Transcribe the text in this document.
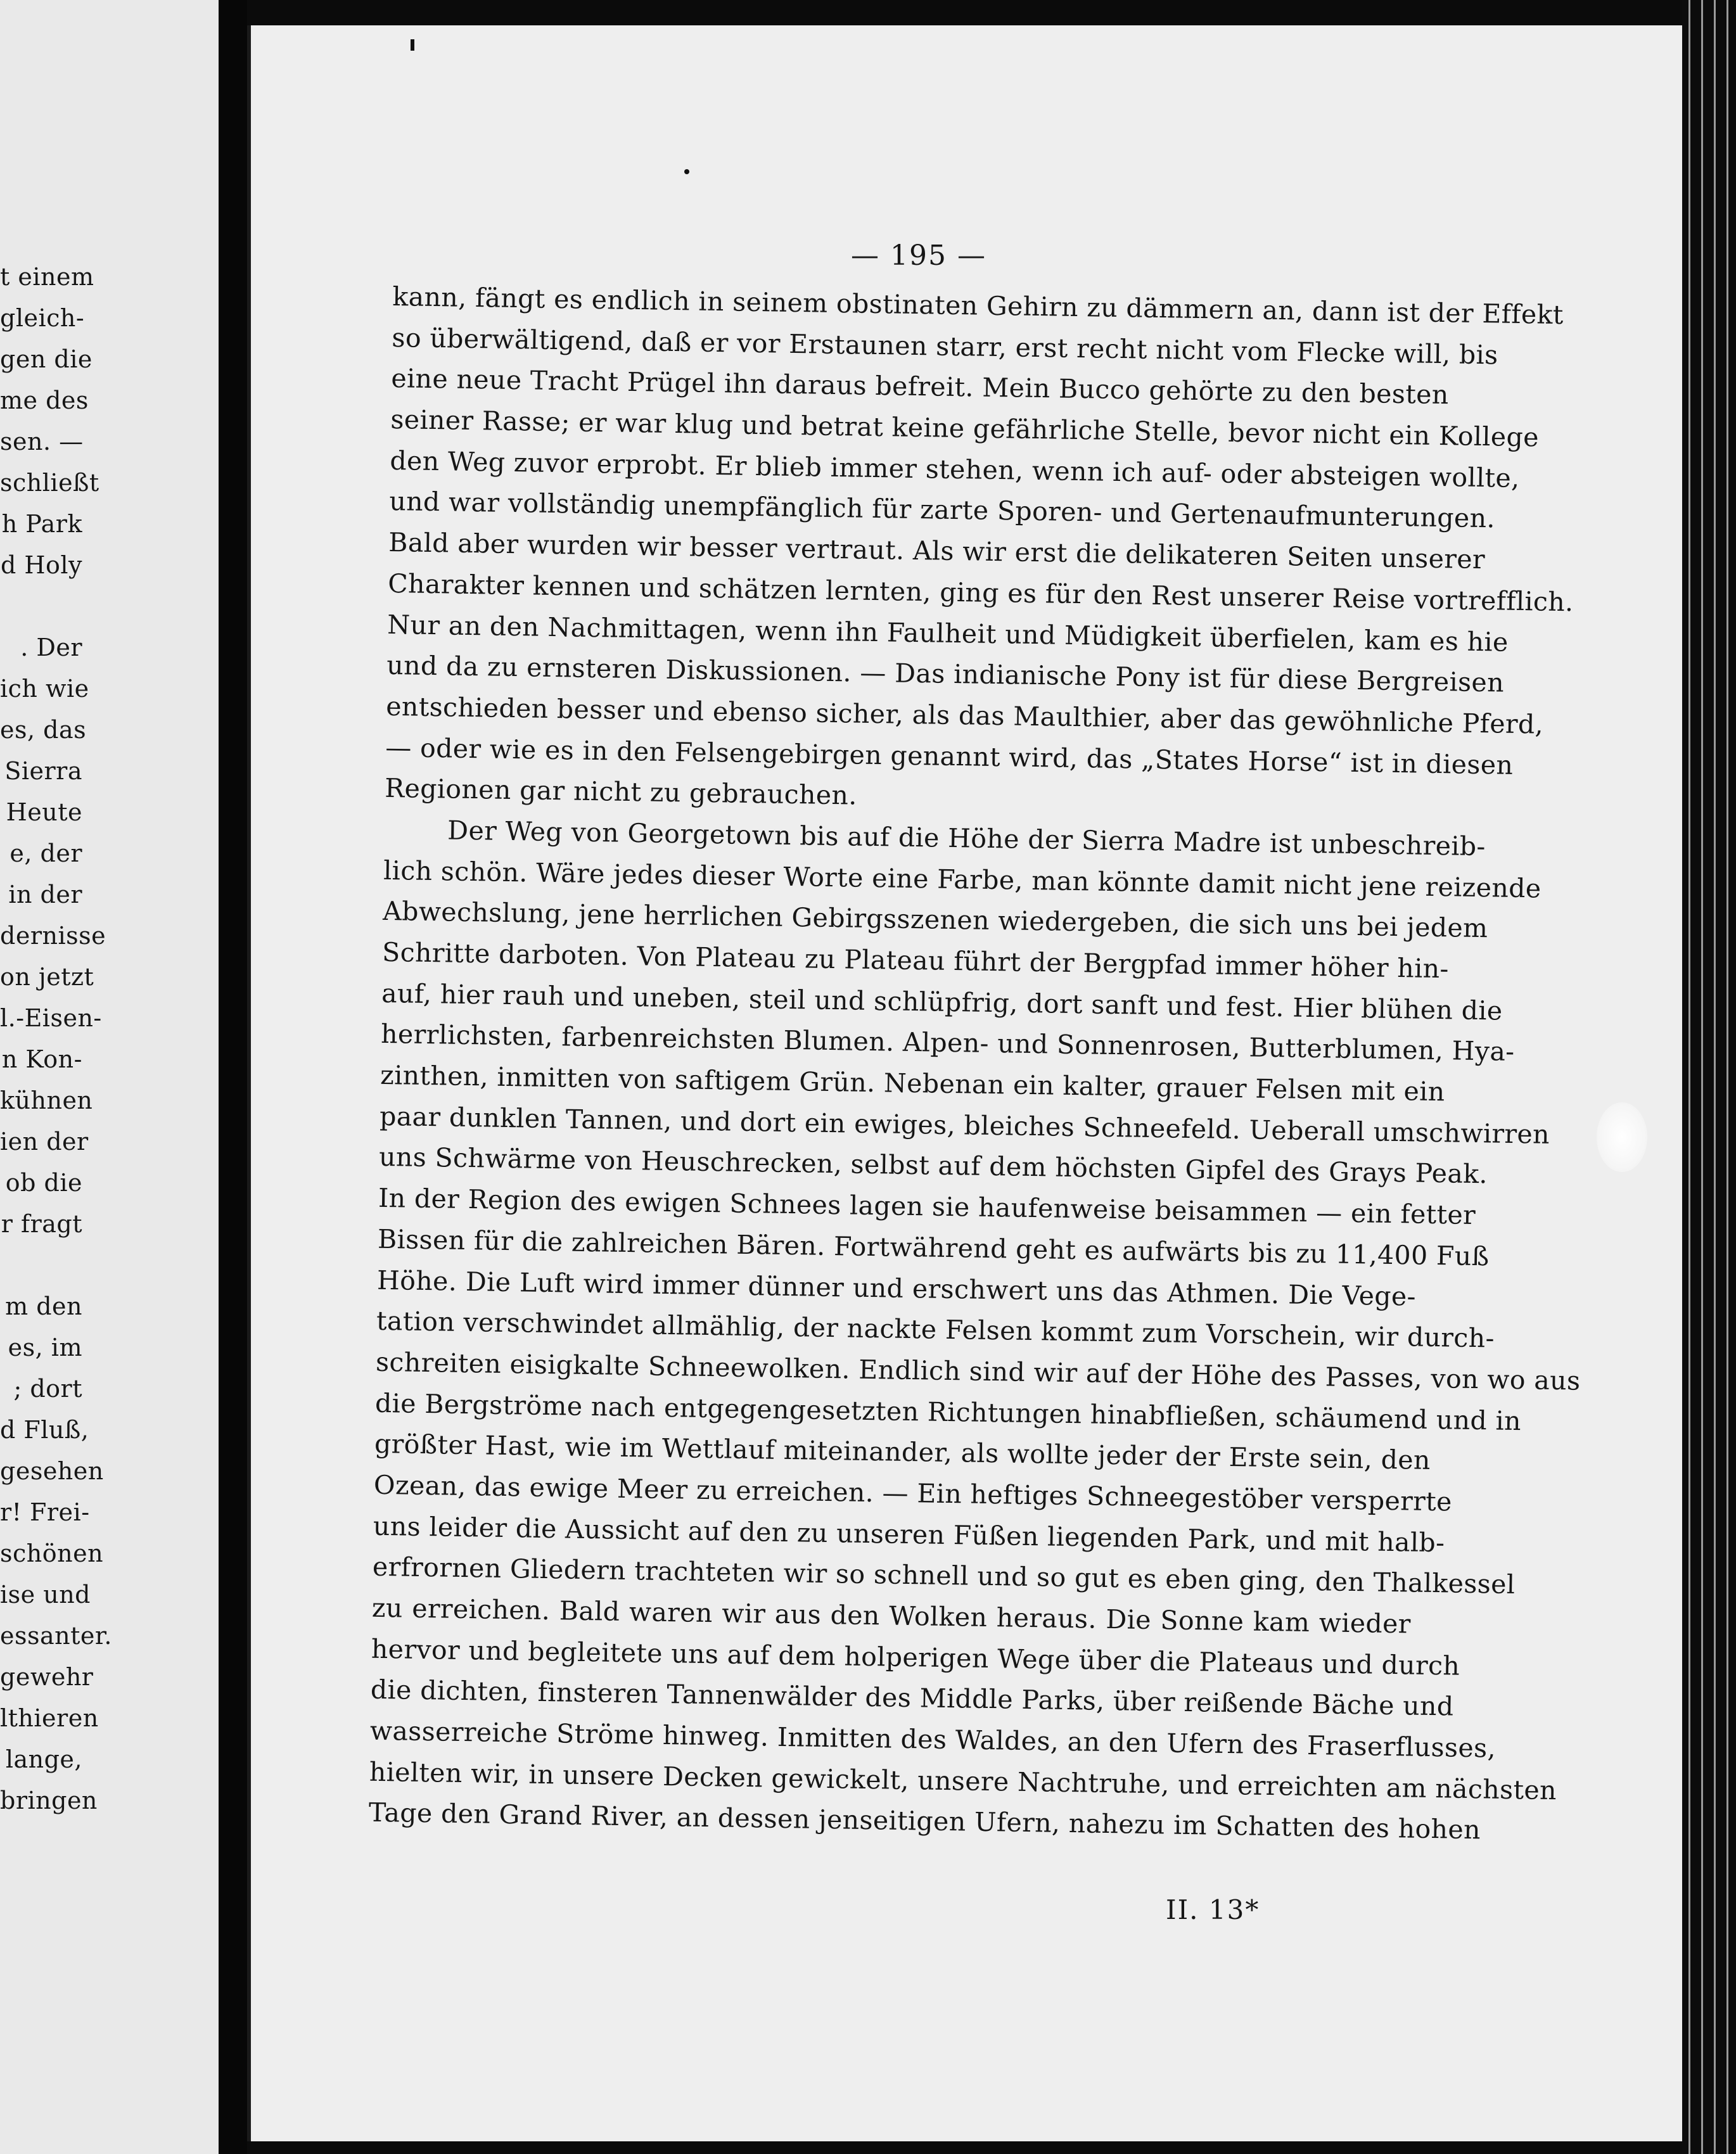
t einem
gleich-
gen die
me des
sen. —
schließt
h Park
d Holy
. Der
ich wie
es, das
Sierra
Heute
e, der
in der
dernisse
on jetzt
l.-Eisen-
n Kon-
kühnen
ien der
ob die
r fragt
m den
es, im
; dort
d Fluß,
gesehen
r! Frei-
schönen
ise und
essanter.
gewehr
lthieren
lange,
bringen
— 195 —
kann, fängt es endlich in seinem obstinaten Gehirn zu dämmern an, dann ist der Effekt
so überwältigend, daß er vor Erstaunen starr, erst recht nicht vom Flecke will, bis
eine neue Tracht Prügel ihn daraus befreit. Mein Bucco gehörte zu den besten
seiner Rasse; er war klug und betrat keine gefährliche Stelle, bevor nicht ein Kollege
den Weg zuvor erprobt. Er blieb immer stehen, wenn ich auf- oder absteigen wollte,
und war vollständig unempfänglich für zarte Sporen- und Gertenaufmunterungen.
Bald aber wurden wir besser vertraut. Als wir erst die delikateren Seiten unserer
Charakter kennen und schätzen lernten, ging es für den Rest unserer Reise vortrefflich.
Nur an den Nachmittagen, wenn ihn Faulheit und Müdigkeit überfielen, kam es hie
und da zu ernsteren Diskussionen. — Das indianische Pony ist für diese Bergreisen
entschieden besser und ebenso sicher, als das Maulthier, aber das gewöhnliche Pferd,
— oder wie es in den Felsengebirgen genannt wird, das „States Horse“ ist in diesen
Regionen gar nicht zu gebrauchen.
Der Weg von Georgetown bis auf die Höhe der Sierra Madre ist unbeschreib-
lich schön. Wäre jedes dieser Worte eine Farbe, man könnte damit nicht jene reizende
Abwechslung, jene herrlichen Gebirgsszenen wiedergeben, die sich uns bei jedem
Schritte darboten. Von Plateau zu Plateau führt der Bergpfad immer höher hin-
auf, hier rauh und uneben, steil und schlüpfrig, dort sanft und fest. Hier blühen die
herrlichsten, farbenreichsten Blumen. Alpen- und Sonnenrosen, Butterblumen, Hya-
zinthen, inmitten von saftigem Grün. Nebenan ein kalter, grauer Felsen mit ein
paar dunklen Tannen, und dort ein ewiges, bleiches Schneefeld. Ueberall umschwirren
uns Schwärme von Heuschrecken, selbst auf dem höchsten Gipfel des Grays Peak.
In der Region des ewigen Schnees lagen sie haufenweise beisammen — ein fetter
Bissen für die zahlreichen Bären. Fortwährend geht es aufwärts bis zu 11,400 Fuß
Höhe. Die Luft wird immer dünner und erschwert uns das Athmen. Die Vege-
tation verschwindet allmählig, der nackte Felsen kommt zum Vorschein, wir durch-
schreiten eisigkalte Schneewolken. Endlich sind wir auf der Höhe des Passes, von wo aus
die Bergströme nach entgegengesetzten Richtungen hinabfließen, schäumend und in
größter Hast, wie im Wettlauf miteinander, als wollte jeder der Erste sein, den
Ozean, das ewige Meer zu erreichen. — Ein heftiges Schneegestöber versperrte
uns leider die Aussicht auf den zu unseren Füßen liegenden Park, und mit halb-
erfrornen Gliedern trachteten wir so schnell und so gut es eben ging, den Thalkessel
zu erreichen. Bald waren wir aus den Wolken heraus. Die Sonne kam wieder
hervor und begleitete uns auf dem holperigen Wege über die Plateaus und durch
die dichten, finsteren Tannenwälder des Middle Parks, über reißende Bäche und
wasserreiche Ströme hinweg. Inmitten des Waldes, an den Ufern des Fraserflusses,
hielten wir, in unsere Decken gewickelt, unsere Nachtruhe, und erreichten am nächsten
Tage den Grand River, an dessen jenseitigen Ufern, nahezu im Schatten des hohen
II. 13*
